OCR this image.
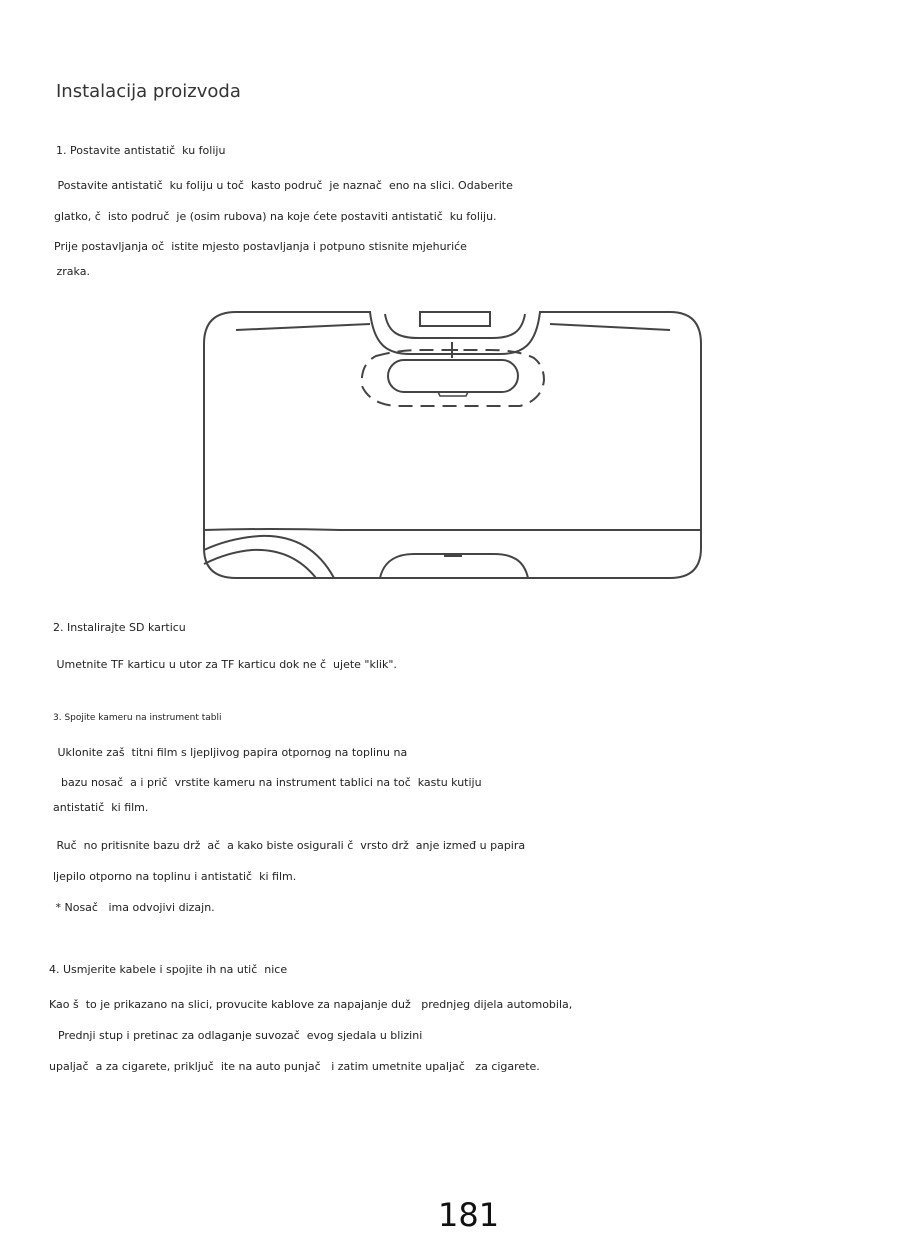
Instalacija proizvoda
1. Postavite antistatič  ku foliju
Postavite antistatič  ku foliju u toč  kasto područ  je naznač  eno na slici. Odaberite
glatko, č  isto područ  je (osim rubova) na koje ćete postaviti antistatič  ku foliju.
Prije postavljanja oč  istite mjesto postavljanja i potpuno stisnite mjehuriće
zraka.
2. Instalirajte SD karticu
Umetnite TF karticu u utor za TF karticu dok ne č  ujete "klik".
3. Spojite kameru na instrument tabli
Uklonite zaš  titni film s ljepljivog papira otpornog na toplinu na
bazu nosač  a i prič  vrstite kameru na instrument tablici na toč  kastu kutiju
antistatič  ki film.
Ruč  no pritisnite bazu drž  ač  a kako biste osigurali č  vrsto drž  anje izmeđ u papira
ljepilo otporno na toplinu i antistatič  ki film.
* Nosač   ima odvojivi dizajn.
4. Usmjerite kabele i spojite ih na utič  nice
Kao š  to je prikazano na slici, provucite kablove za napajanje duž   prednjeg dijela automobila,
Prednji stup i pretinac za odlaganje suvozač  evog sjedala u blizini
upaljač  a za cigarete, priključ  ite na auto punjač   i zatim umetnite upaljač   za cigarete.
181
